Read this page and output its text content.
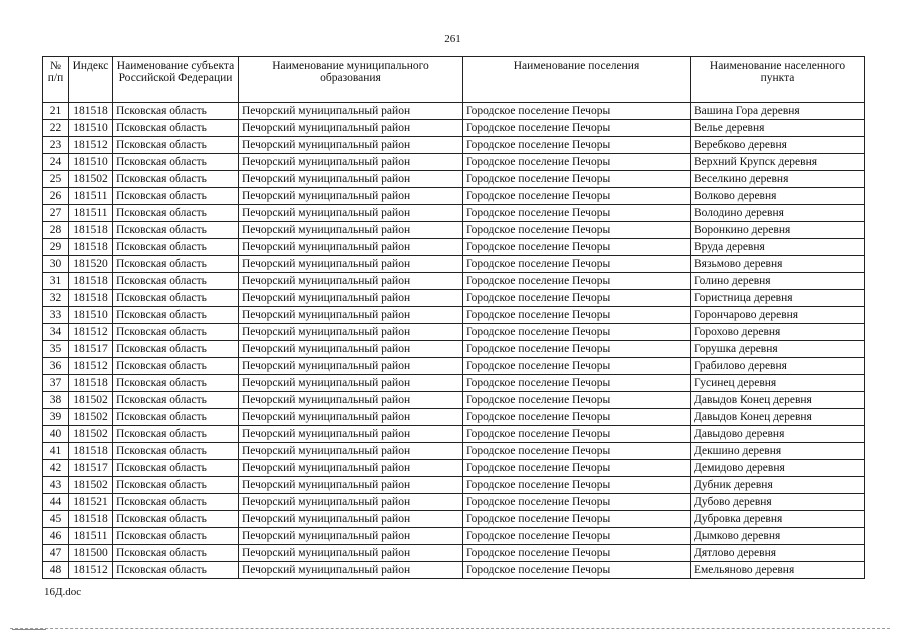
261
№ п/п	Индекс	Наименование субъекта Российской Федерации	Наименование муниципального образования	Наименование поселения	Наименование населенного пункта
21	181518	Псковская область	Печорский муниципальный район	Городское поселение Печоры	Вашина Гора деревня
22	181510	Псковская область	Печорский муниципальный район	Городское поселение Печоры	Велье деревня
23	181512	Псковская область	Печорский муниципальный район	Городское поселение Печоры	Веребково деревня
24	181510	Псковская область	Печорский муниципальный район	Городское поселение Печоры	Верхний Крупск деревня
25	181502	Псковская область	Печорский муниципальный район	Городское поселение Печоры	Веселкино деревня
26	181511	Псковская область	Печорский муниципальный район	Городское поселение Печоры	Волково деревня
27	181511	Псковская область	Печорский муниципальный район	Городское поселение Печоры	Володино деревня
28	181518	Псковская область	Печорский муниципальный район	Городское поселение Печоры	Воронкино деревня
29	181518	Псковская область	Печорский муниципальный район	Городское поселение Печоры	Вруда деревня
30	181520	Псковская область	Печорский муниципальный район	Городское поселение Печоры	Вязьмово деревня
31	181518	Псковская область	Печорский муниципальный район	Городское поселение Печоры	Голино деревня
32	181518	Псковская область	Печорский муниципальный район	Городское поселение Печоры	Гористница деревня
33	181510	Псковская область	Печорский муниципальный район	Городское поселение Печоры	Горончарово деревня
34	181512	Псковская область	Печорский муниципальный район	Городское поселение Печоры	Горохово деревня
35	181517	Псковская область	Печорский муниципальный район	Городское поселение Печоры	Горушка деревня
36	181512	Псковская область	Печорский муниципальный район	Городское поселение Печоры	Грабилово деревня
37	181518	Псковская область	Печорский муниципальный район	Городское поселение Печоры	Гусинец деревня
38	181502	Псковская область	Печорский муниципальный район	Городское поселение Печоры	Давыдов Конец деревня
39	181502	Псковская область	Печорский муниципальный район	Городское поселение Печоры	Давыдов Конец деревня
40	181502	Псковская область	Печорский муниципальный район	Городское поселение Печоры	Давыдово деревня
41	181518	Псковская область	Печорский муниципальный район	Городское поселение Печоры	Декшино деревня
42	181517	Псковская область	Печорский муниципальный район	Городское поселение Печоры	Демидово деревня
43	181502	Псковская область	Печорский муниципальный район	Городское поселение Печоры	Дубник деревня
44	181521	Псковская область	Печорский муниципальный район	Городское поселение Печоры	Дубово деревня
45	181518	Псковская область	Печорский муниципальный район	Городское поселение Печоры	Дубровка деревня
46	181511	Псковская область	Печорский муниципальный район	Городское поселение Печоры	Дымково деревня
47	181500	Псковская область	Печорский муниципальный район	Городское поселение Печоры	Дятлово деревня
48	181512	Псковская область	Печорский муниципальный район	Городское поселение Печоры	Емельяново деревня
16Д.doc
